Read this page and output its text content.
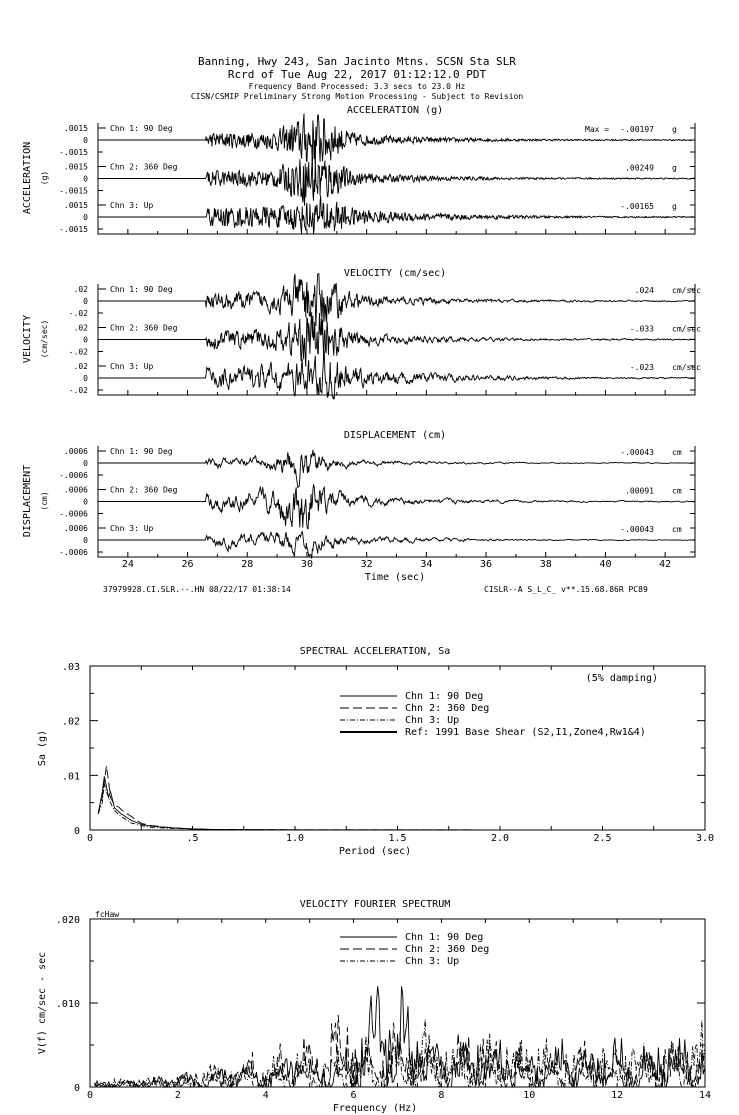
Banning, Hwy 243, San Jacinto Mtns. SCSN Sta SLR
Rcrd of Tue Aug 22, 2017 01:12:12.0 PDT
Frequency Band Processed: 3.3 secs to 23.0 Hz
CISN/CSMIP Preliminary Strong Motion Processing - Subject to Revision
37979928.CI.SLR.--.HN 08/22/17 01:38:14	CISLR--A S_L_C_ v**.15.68.86R PC89
ACCELERATION (g)
ACCELERATION (g)
.0015
0
-.0015
Chn 1: 90 Deg	Max = -.00197 g
.0015
0
-.0015
Chn 2: 360 Deg	.00249 g
.0015
0
-.0015
Chn 3: Up	-.00165 g
VELOCITY (cm/sec)
VELOCITY (cm/sec)
.02
0
-.02
Chn 1: 90 Deg	.024 cm/sec
.02
0
-.02
Chn 2: 360 Deg	-.033 cm/sec
.02
0
-.02
Chn 3: Up	-.023 cm/sec
DISPLACEMENT (cm)
DISPLACEMENT (cm)
.0006
0
-.0006
Chn 1: 90 Deg	-.00043 cm
.0006
0
-.0006
Chn 2: 360 Deg	.00091 cm
.0006
0
-.0006
Chn 3: Up	-.00043 cm
24	26	28	30	32	34	36	38	40	42
Time (sec)
SPECTRAL ACCELERATION, Sa
0	.5	1.0	1.5	2.0	2.5	3.0
0
.01
.02
.03
Period (sec)
Sa (g)
Chn 1: 90 Deg
Chn 2: 360 Deg
Chn 3: Up
Ref: 1991 Base Shear (S2,I1,Zone4,Rw1&4)
(5% damping)
VELOCITY FOURIER SPECTRUM
0	2	4	6	8	10	12	14
0
.010
.020
Frequency (Hz)
V(f) cm/sec - sec
Chn 1: 90 Deg
Chn 2: 360 Deg
Chn 3: Up
fcHaw
